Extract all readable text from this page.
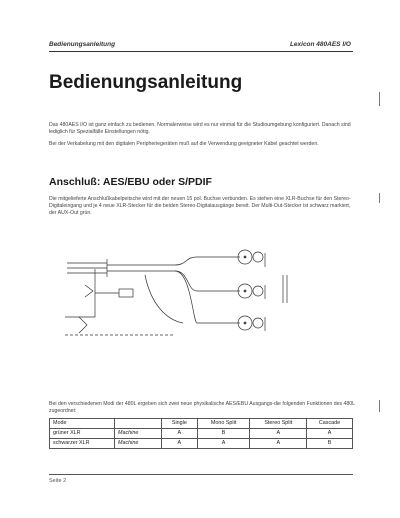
Bedienungsanleitung	Lexicon 480AES I/O
Bedienungsanleitung

Das 480AES I/O ist ganz einfach zu bedienen. Normalerweise wird es nur einmal für die Studioumgebung konfiguriert. Danach sind lediglich für Spezialfälle Einstellungen nötig.

Bei der Verkabelung mit den digitalen Peripheriegeräten muß auf die Verwendung geeigneter Kabel geachtet werden.

Anschluß: AES/EBU oder S/PDIF

Die mitgelieferte Anschlußkabelpeitsche wird mit der neuen 15 pol. Buchse verbunden. Es stehen eine XLR-Buchse für den Stereo-Digitaleingang und je 4 neue XLR-Stecker für die beiden Stereo-Digitalausgänge bereit. Der Multi-Out-Stecker ist schwarz markiert, der AUX-Out grün.

Bei den verschiedenen Modi der 480L ergeben sich zwei neue physikalische AES/EBU Ausgangs-die folgenden Funktionen des 480L zugeordnet:

Mode		Single	Mono Split	Stereo Split	Cascade
grüner XLR	Machine	A	B	A	A
schwarzer XLR	Machine	A	A	A	B
Seite 2
